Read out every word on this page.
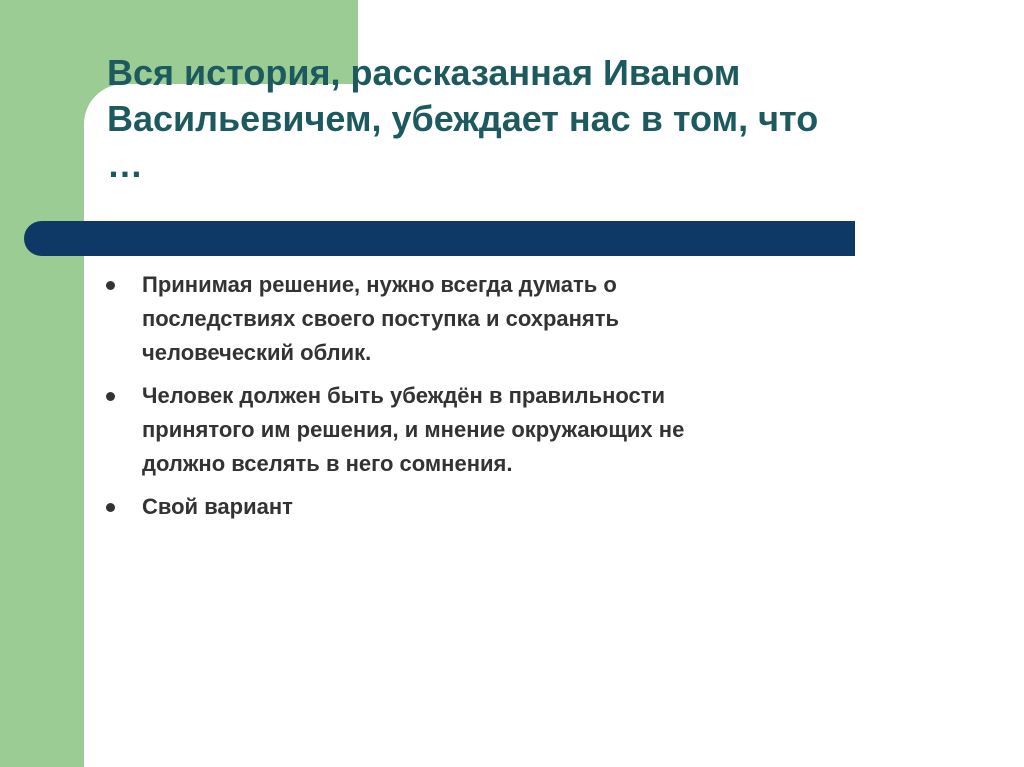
Вся история, рассказанная Иваном
Васильевичем, убеждает нас в том, что
…
Принимая решение, нужно всегда думать о
последствиях своего поступка и сохранять
человеческий облик.
Человек должен быть убеждён в правильности
принятого им решения, и мнение окружающих не
должно вселять в него сомнения.
Свой вариант
